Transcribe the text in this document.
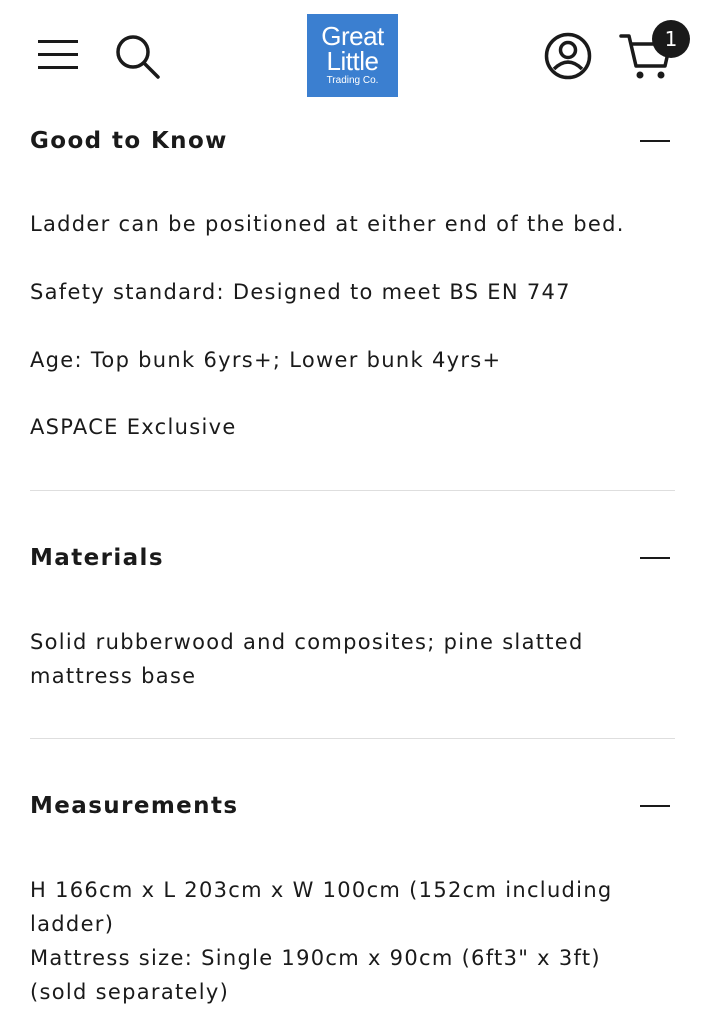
Great
Little
Trading Co.
1
Good to Know
Ladder can be positioned at either end of the bed.
Safety standard: Designed to meet BS EN 747
Age: Top bunk 6yrs+; Lower bunk 4yrs+
ASPACE Exclusive
Materials
Solid rubberwood and composites; pine slatted
mattress base
Measurements
H 166cm x L 203cm x W 100cm (152cm including
ladder)
Mattress size: Single 190cm x 90cm (6ft3" x 3ft)
(sold separately)
